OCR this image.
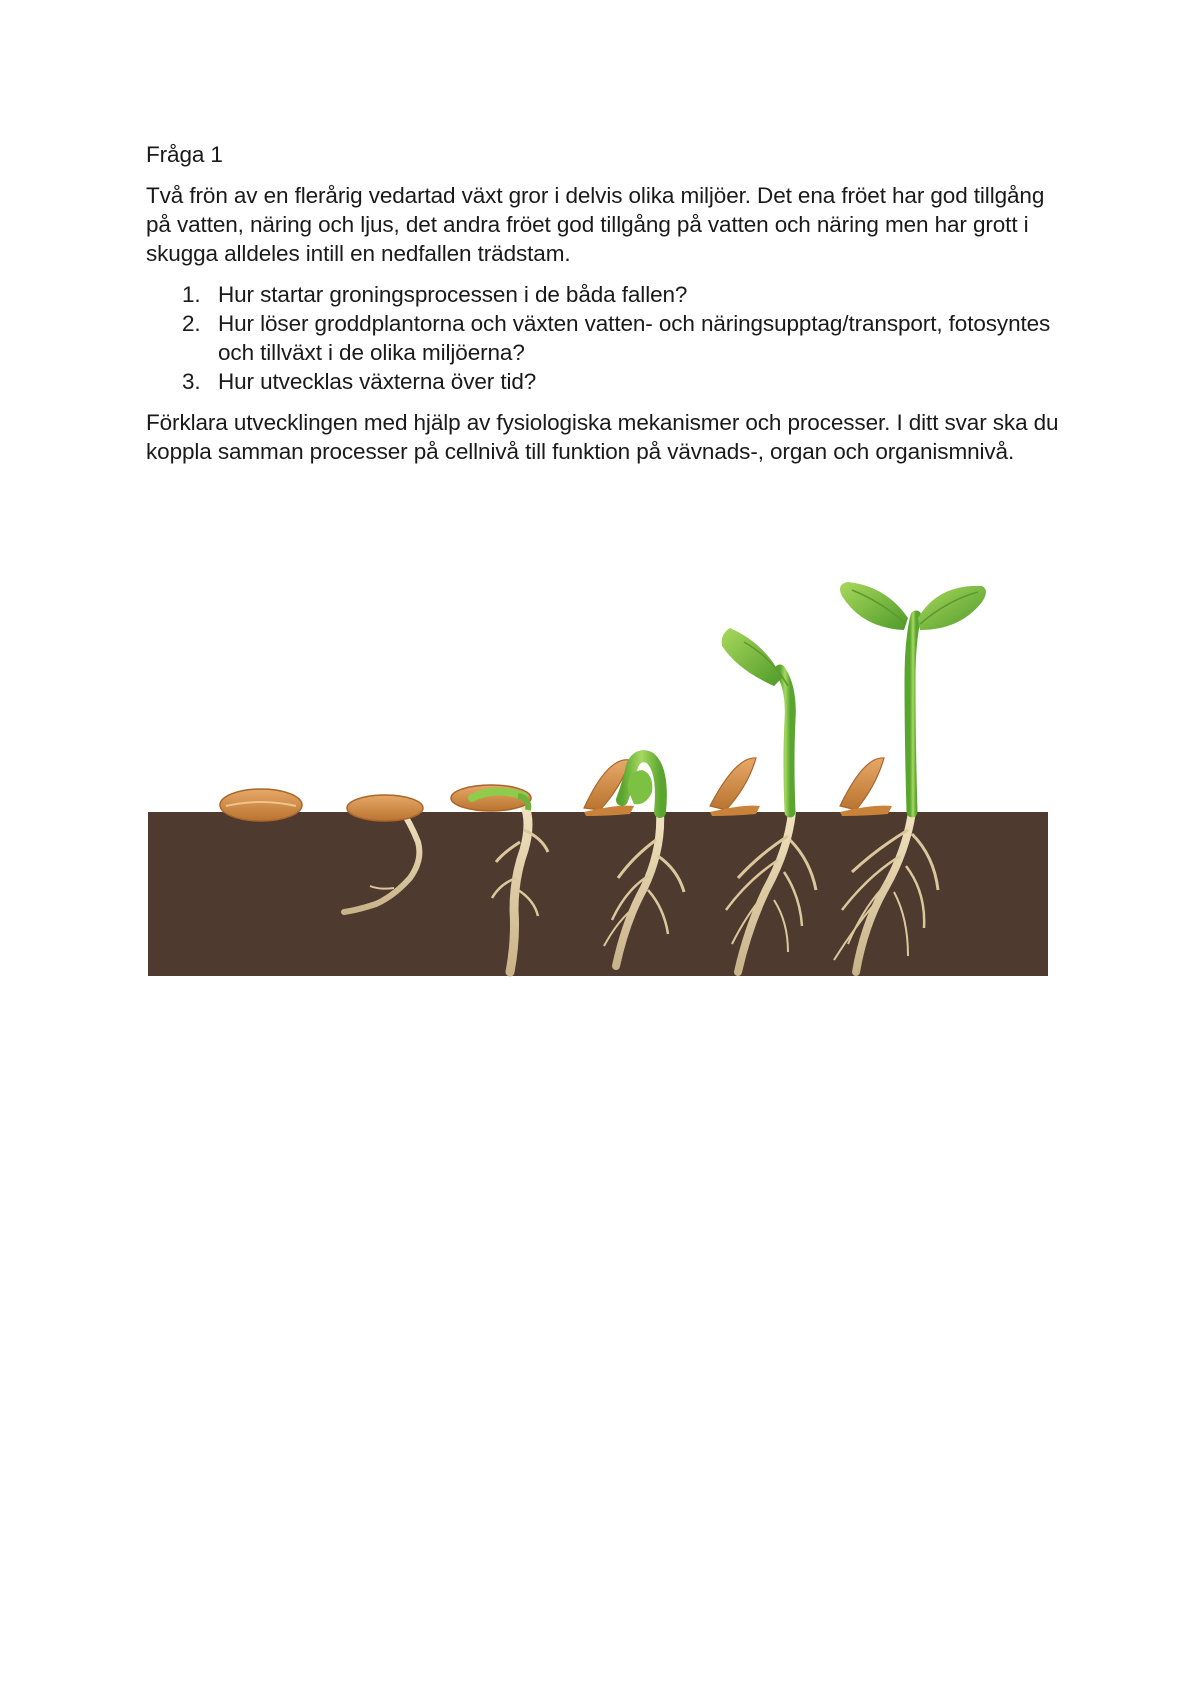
Fråga 1
Två frön av en flerårig vedartad växt gror i delvis olika miljöer. Det ena fröet har god tillgång på vatten, näring och ljus, det andra fröet god tillgång på vatten och näring men har grott i skugga alldeles intill en nedfallen trädstam.
1. Hur startar groningsprocessen i de båda fallen?
2. Hur löser groddplantorna och växten vatten- och näringsupptag/transport, fotosyntes och tillväxt i de olika miljöerna?
3. Hur utvecklas växterna över tid?
Förklara utvecklingen med hjälp av fysiologiska mekanismer och processer. I ditt svar ska du koppla samman processer på cellnivå till funktion på vävnads-, organ och organismnivå.
